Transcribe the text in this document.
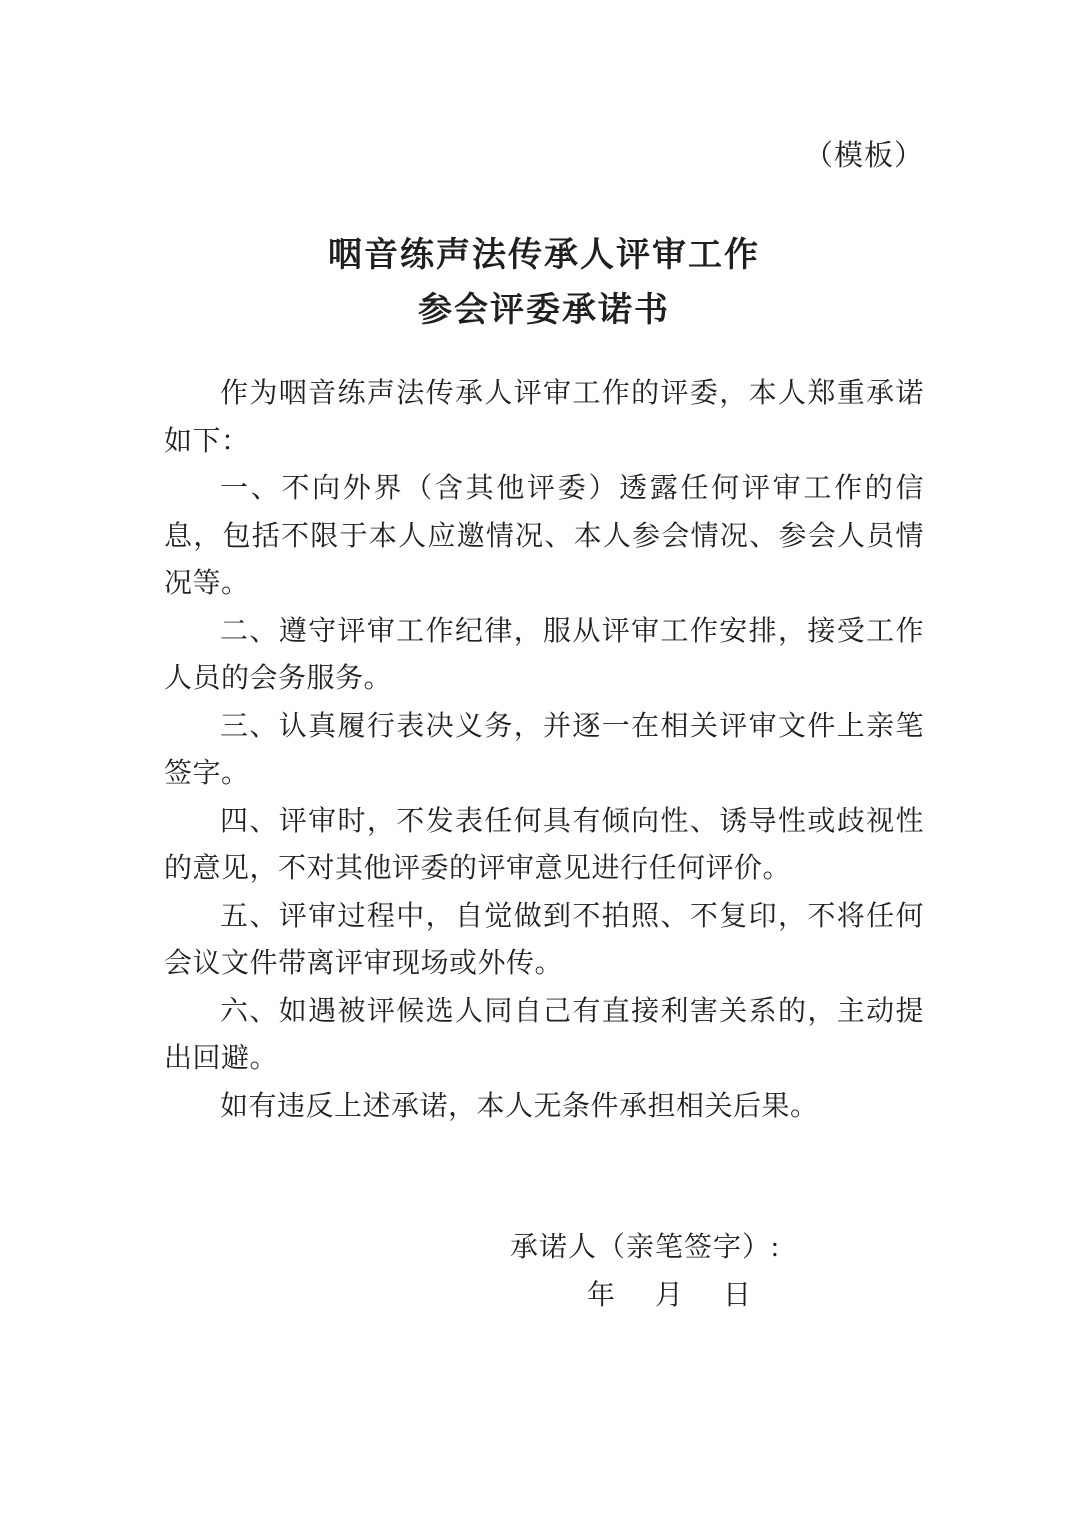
（模板）
咽音练声法传承人评审工作
参会评委承诺书

作为咽音练声法传承人评审工作的评委，本人郑重承诺如下：

一、不向外界（含其他评委）透露任何评审工作的信息，包括不限于本人应邀情况、本人参会情况、参会人员情况等。

二、遵守评审工作纪律，服从评审工作安排，接受工作人员的会务服务。

三、认真履行表决义务，并逐一在相关评审文件上亲笔签字。

四、评审时，不发表任何具有倾向性、诱导性或歧视性的意见，不对其他评委的评审意见进行任何评价。

五、评审过程中，自觉做到不拍照、不复印，不将任何会议文件带离评审现场或外传。

六、如遇被评候选人同自己有直接利害关系的，主动提出回避。

如有违反上述承诺，本人无条件承担相关后果。

承诺人（亲笔签字）:
年　月　日
